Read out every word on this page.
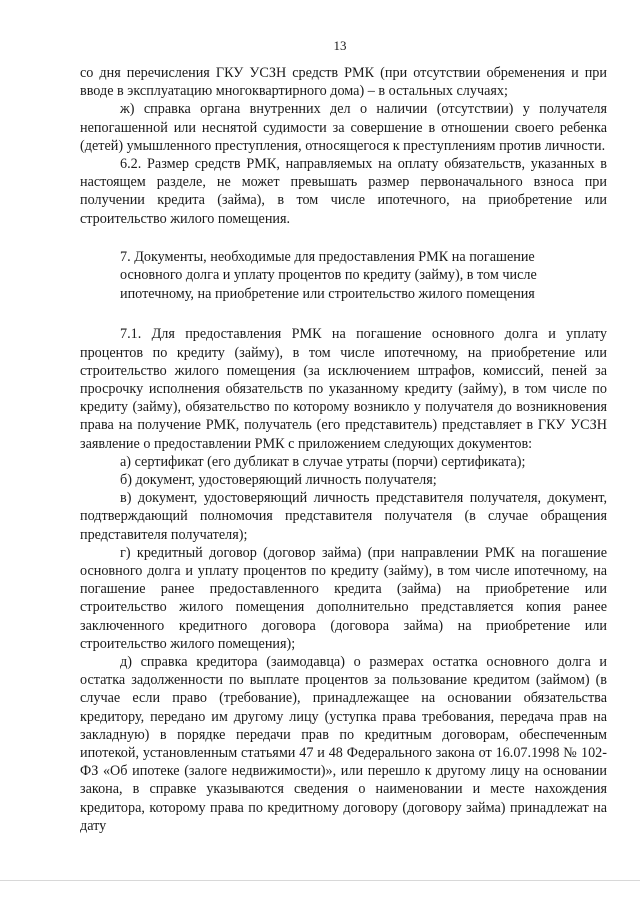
13

со дня перечисления ГКУ УСЗН средств РМК (при отсутствии обременения и при вводе в эксплуатацию многоквартирного дома) – в остальных случаях;

ж) справка органа внутренних дел о наличии (отсутствии) у получателя непогашенной или неснятой судимости за совершение в отношении своего ребенка (детей) умышленного преступления, относящегося к преступлениям против личности.

6.2. Размер средств РМК, направляемых на оплату обязательств, указанных в настоящем разделе, не может превышать размер первоначального взноса при получении кредита (займа), в том числе ипотечного, на приобретение или строительство жилого помещения.

7. Документы, необходимые для предоставления РМК на погашение основного долга и уплату процентов по кредиту (займу), в том числе ипотечному, на приобретение или строительство жилого помещения

7.1. Для предоставления РМК на погашение основного долга и уплату процентов по кредиту (займу), в том числе ипотечному, на приобретение или строительство жилого помещения (за исключением штрафов, комиссий, пеней за просрочку исполнения обязательств по указанному кредиту (займу), в том числе по кредиту (займу), обязательство по которому возникло у получателя до возникновения права на получение РМК, получатель (его представитель) представляет в ГКУ УСЗН заявление о предоставлении РМК с приложением следующих документов:

а) сертификат (его дубликат в случае утраты (порчи) сертификата);

б) документ, удостоверяющий личность получателя;

в) документ, удостоверяющий личность представителя получателя, документ, подтверждающий полномочия представителя получателя (в случае обращения представителя получателя);

г) кредитный договор (договор займа) (при направлении РМК на погашение основного долга и уплату процентов по кредиту (займу), в том числе ипотечному, на погашение ранее предоставленного кредита (займа) на приобретение или строительство жилого помещения дополнительно представляется копия ранее заключенного кредитного договора (договора займа) на приобретение или строительство жилого помещения);

д) справка кредитора (заимодавца) о размерах остатка основного долга и остатка задолженности по выплате процентов за пользование кредитом (займом) (в случае если право (требование), принадлежащее на основании обязательства кредитору, передано им другому лицу (уступка права требования, передача прав на закладную) в порядке передачи прав по кредитным договорам, обеспеченным ипотекой, установленным статьями 47 и 48 Федерального закона от 16.07.1998 № 102-ФЗ «Об ипотеке (залоге недвижимости)», или перешло к другому лицу на основании закона, в справке указываются сведения о наименовании и месте нахождения кредитора, которому права по кредитному договору (договору займа) принадлежат на дату
